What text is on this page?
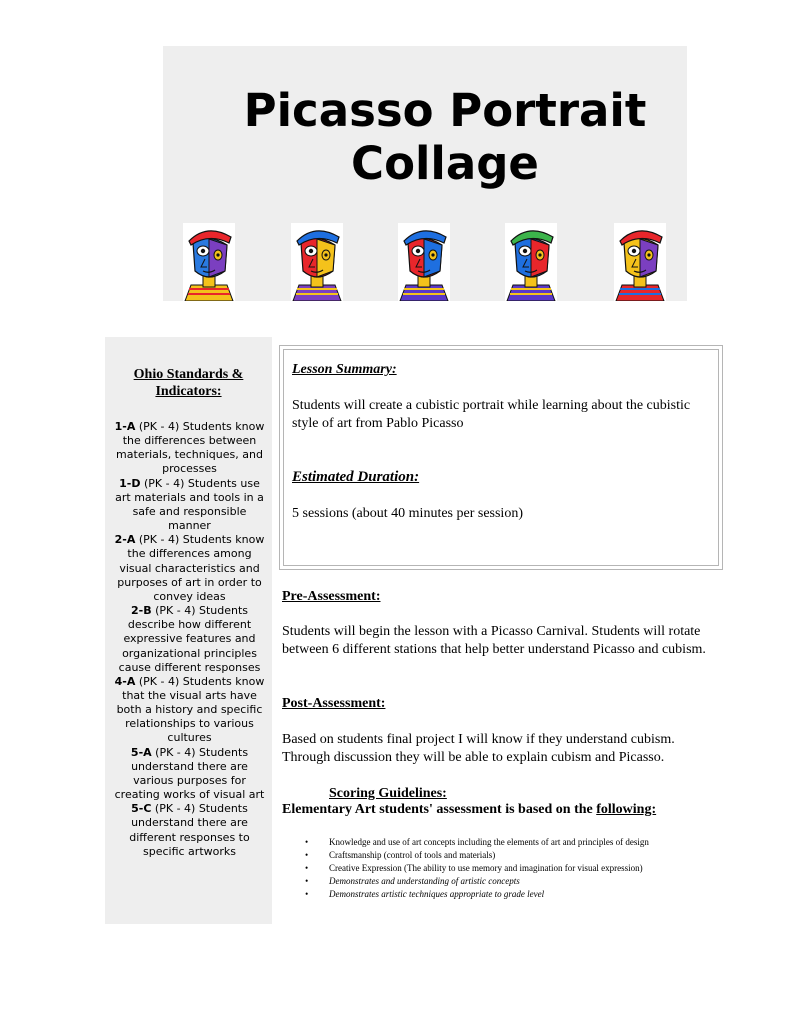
Picasso Portrait Collage
Ohio Standards & Indicators:

1-A (PK - 4) Students know the differences between materials, techniques, and processes

1-D (PK - 4) Students use art materials and tools in a safe and responsible manner

2-A (PK - 4) Students know the differences among visual characteristics and purposes of art in order to convey ideas

2-B (PK - 4) Students describe how different expressive features and organizational principles cause different responses

4-A (PK - 4) Students know that the visual arts have both a history and specific relationships to various cultures

5-A (PK - 4) Students understand there are various purposes for creating works of visual art

5-C (PK - 4) Students understand there are different responses to specific artworks

Lesson Summary:
Students will create a cubistic portrait while learning about the cubistic style of art from Pablo Picasso
Estimated Duration:
5 sessions (about 40 minutes per session)
Pre-Assessment:
Students will begin the lesson with a Picasso Carnival. Students will rotate between 6 different stations that help better understand Picasso and cubism.
Post-Assessment:
Based on students final project I will know if they understand cubism. Through discussion they will be able to explain cubism and Picasso.
Scoring Guidelines:
Elementary Art students' assessment is based on the following:
• Knowledge and use of art concepts including the elements of art and principles of design
• Craftsmanship (control of tools and materials)
• Creative Expression (The ability to use memory and imagination for visual expression)
• Demonstrates and understanding of artistic concepts
• Demonstrates artistic techniques appropriate to grade level
